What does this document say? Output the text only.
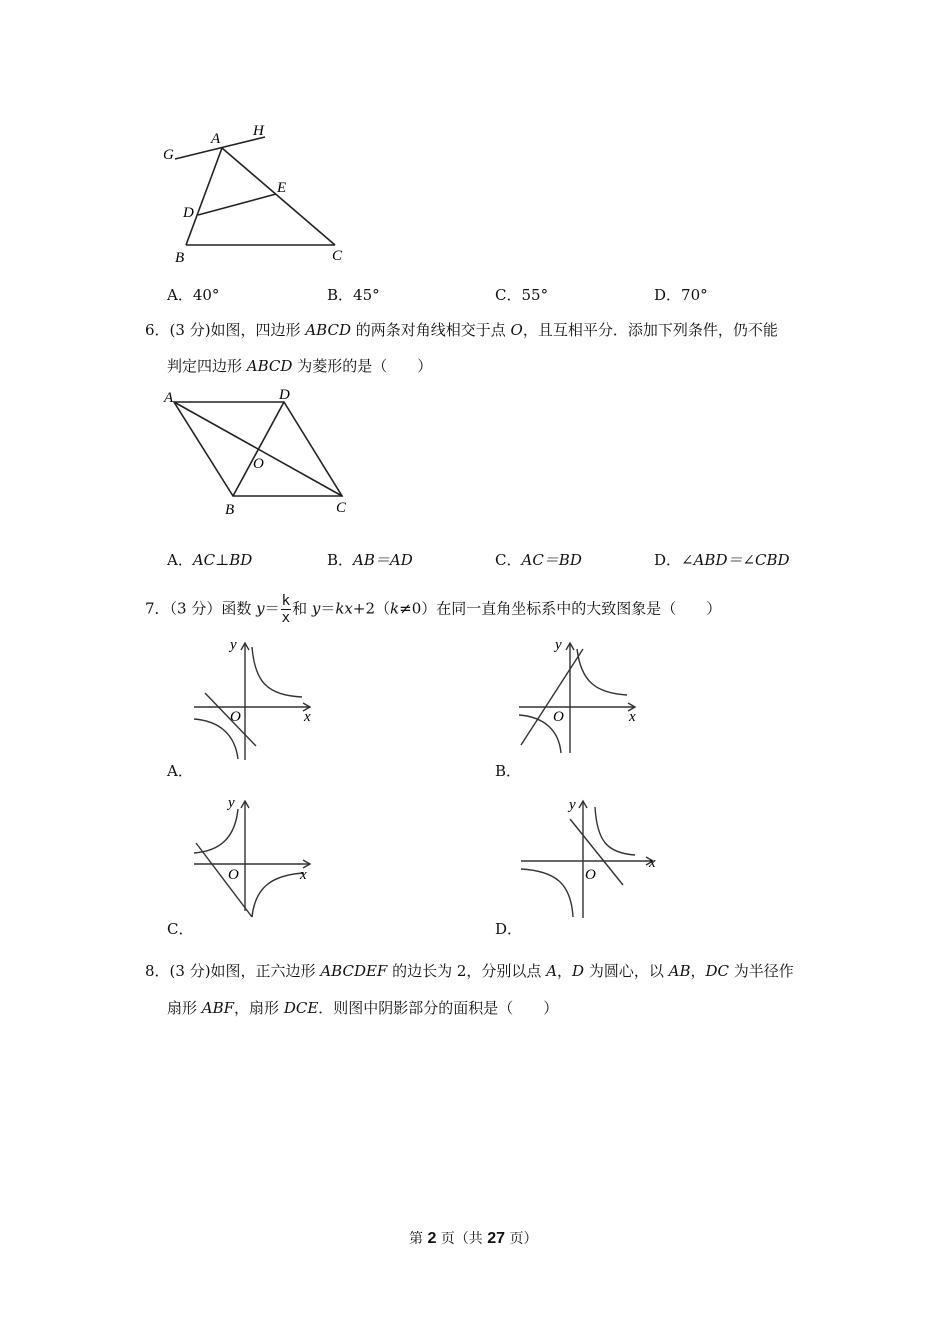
G
A H
E
D
B	C
A．40°	B．45°	C．55°	D．70°
6．(3 分)如图，四边形 ABCD 的两条对角线相交于点 O，且互相平分．添加下列条件，仍不能
判定四边形 ABCD 为菱形的是（　　）
A	D
O
B	C
A．AC⊥BD	B．AB＝AD	C．AC＝BD	D．∠ABD＝∠CBD
7．（3 分）函数 $y= \frac{k}{x}$ 和 y＝kx+2（k≠0）在同一直角坐标系中的大致图象是（　　）
y
x
O
A．
y
x
O
B．
y
x
O
C．
y
x
O
D．
8．(3 分)如图，正六边形 ABCDEF 的边长为 2，分别以点 A，D 为圆心，以 AB，DC 为半径作
扇形 ABF，扇形 DCE．则图中阴影部分的面积是（　　）
第 2 页（共 27 页）
